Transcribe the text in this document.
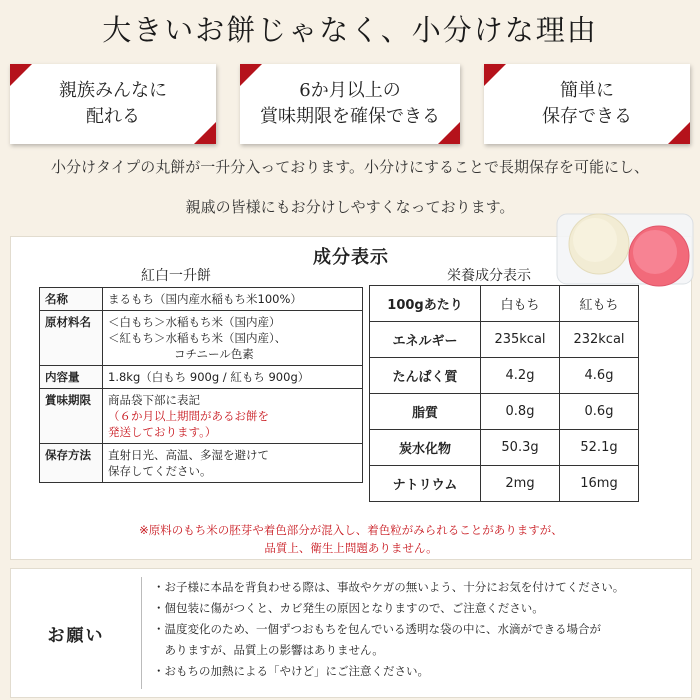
大きいお餅じゃなく、小分けな理由
親族みんなに
配れる
6か月以上の
賞味期限を確保できる
簡単に
保存できる
小分けタイプの丸餅が一升分入っております。小分けにすることで長期保存を可能にし、
親戚の皆様にもお分けしやすくなっております。
成分表示
紅白一升餅	栄養成分表示
名称	まるもち（国内産水稲もち米100%）

原材料名	＜白もち＞水稲もち米（国内産）
＜紅もち＞水稲もち米（国内産）、
コチニール色素

内容量	1.8kg（白もち 900g / 紅もち 900g）

賞味期限	商品袋下部に表記
（６か月以上期間があるお餅を
発送しております。）

保存方法	直射日光、高温、多湿を避けて
保存してください。
100gあたり	白もち	紅もち
エネルギー	235kcal	232kcal
たんぱく質	4.2g	4.6g
脂質	0.8g	0.6g
炭水化物	50.3g	52.1g
ナトリウム	2mg	16mg
※原料のもち米の胚芽や着色部分が混入し、着色粒がみられることがありますが、
品質上、衛生上問題ありません。
お願い
・お子様に本品を背負わせる際は、事故やケガの無いよう、十分にお気を付けてください。
・個包装に傷がつくと、カビ発生の原因となりますので、ご注意ください。
・温度変化のため、一個ずつおもちを包んでいる透明な袋の中に、水滴ができる場合が
　ありますが、品質上の影響はありません。
・おもちの加熱による「やけど」にご注意ください。
